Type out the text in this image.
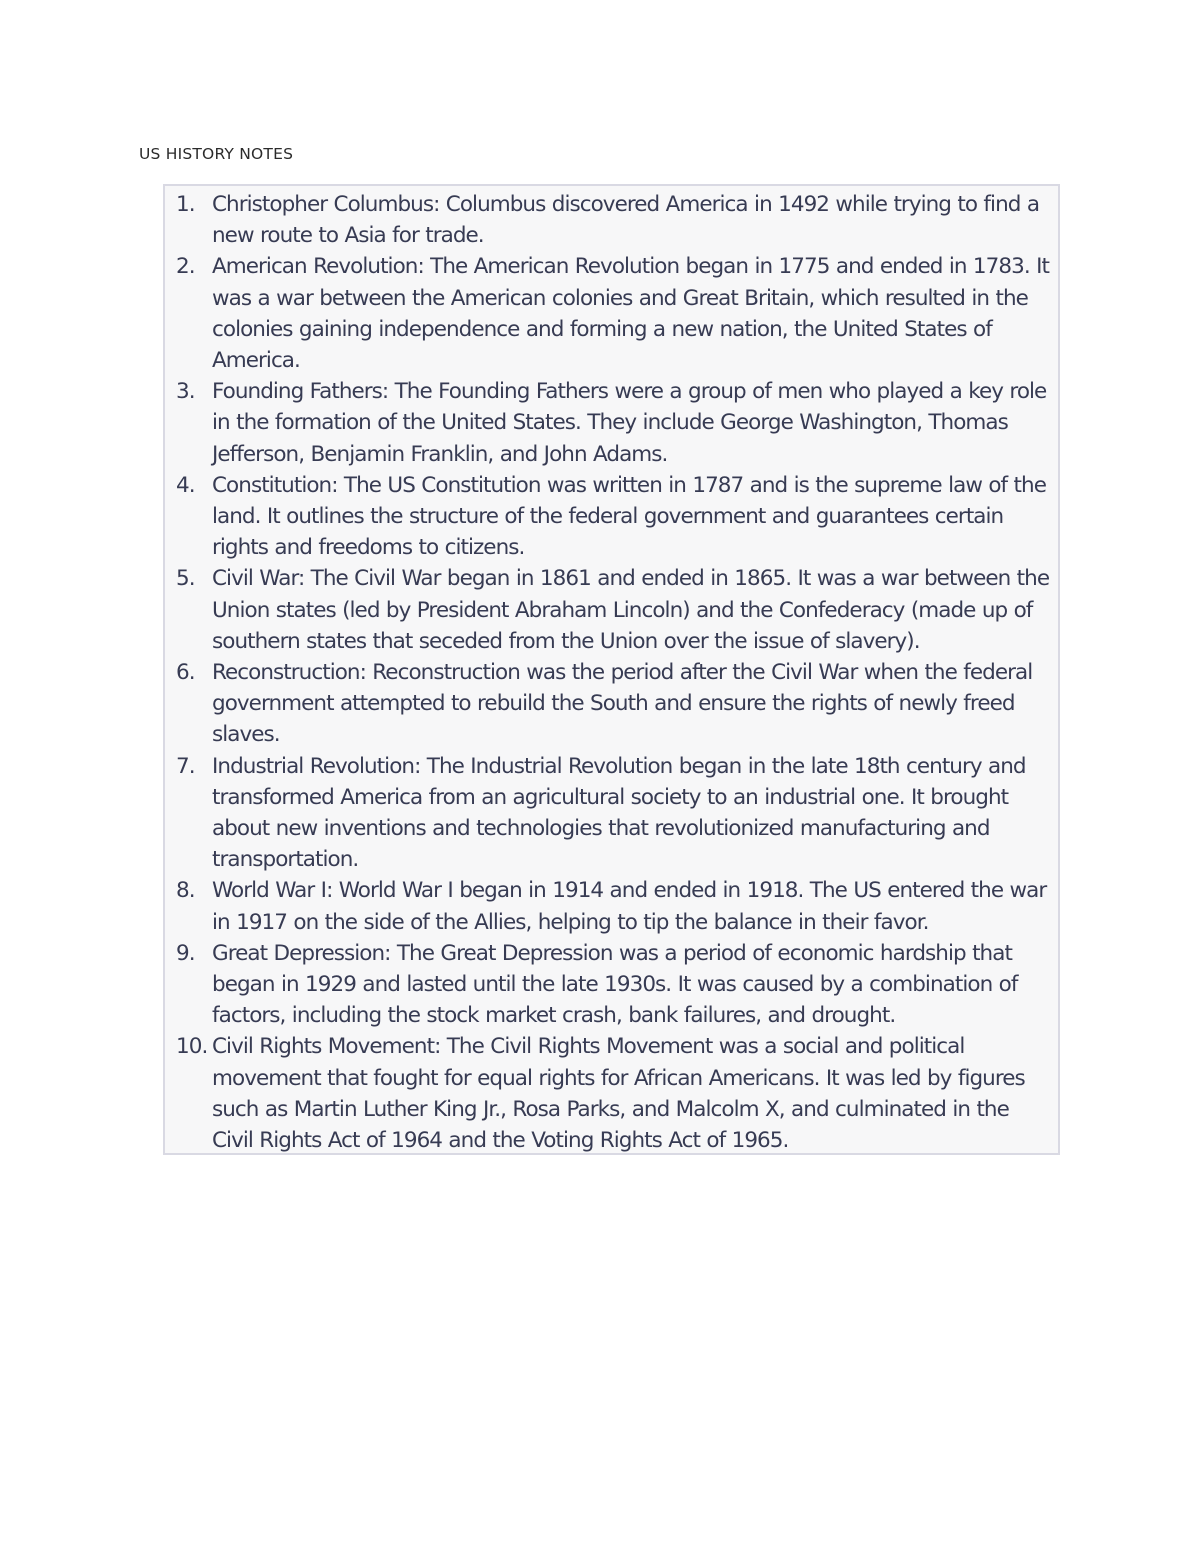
US HISTORY NOTES
1. Christopher Columbus: Columbus discovered America in 1492 while trying to find a new route to Asia for trade.
2. American Revolution: The American Revolution began in 1775 and ended in 1783. It was a war between the American colonies and Great Britain, which resulted in the colonies gaining independence and forming a new nation, the United States of America.
3. Founding Fathers: The Founding Fathers were a group of men who played a key role in the formation of the United States. They include George Washington, Thomas Jefferson, Benjamin Franklin, and John Adams.
4. Constitution: The US Constitution was written in 1787 and is the supreme law of the land. It outlines the structure of the federal government and guarantees certain rights and freedoms to citizens.
5. Civil War: The Civil War began in 1861 and ended in 1865. It was a war between the Union states (led by President Abraham Lincoln) and the Confederacy (made up of southern states that seceded from the Union over the issue of slavery).
6. Reconstruction: Reconstruction was the period after the Civil War when the federal government attempted to rebuild the South and ensure the rights of newly freed slaves.
7. Industrial Revolution: The Industrial Revolution began in the late 18th century and transformed America from an agricultural society to an industrial one. It brought about new inventions and technologies that revolutionized manufacturing and transportation.
8. World War I: World War I began in 1914 and ended in 1918. The US entered the war in 1917 on the side of the Allies, helping to tip the balance in their favor.
9. Great Depression: The Great Depression was a period of economic hardship that began in 1929 and lasted until the late 1930s. It was caused by a combination of factors, including the stock market crash, bank failures, and drought.
10. Civil Rights Movement: The Civil Rights Movement was a social and political movement that fought for equal rights for African Americans. It was led by figures such as Martin Luther King Jr., Rosa Parks, and Malcolm X, and culminated in the Civil Rights Act of 1964 and the Voting Rights Act of 1965.
